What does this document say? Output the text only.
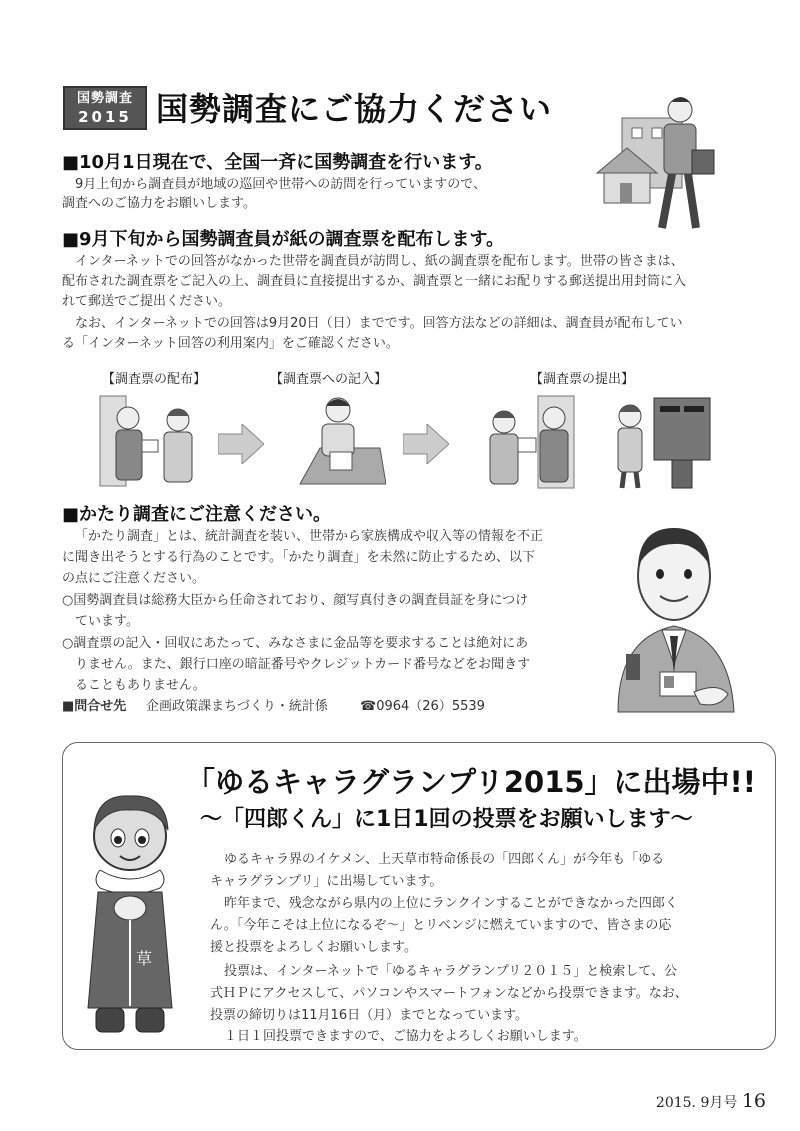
国勢調査
2015 国勢調査にご協力ください
■10月1日現在で、全国一斉に国勢調査を行います。
9月上旬から調査員が地域の巡回や世帯への訪問を行っていますので、
調査へのご協力をお願いします。
■9月下旬から国勢調査員が紙の調査票を配布します。
インターネットでの回答がなかった世帯を調査員が訪問し、紙の調査票を配布します。世帯の皆さまは、
配布された調査票をご記入の上、調査員に直接提出するか、調査票と一緒にお配りする郵送提出用封筒に入
れて郵送でご提出ください。
なお、インターネットでの回答は9月20日（日）までです。回答方法などの詳細は、調査員が配布してい
る「インターネット回答の利用案内」をご確認ください。
【調査票の配布】	【調査票への記入】	【調査票の提出】
■かたり調査にご注意ください。
「かたり調査」とは、統計調査を装い、世帯から家族構成や収入等の情報を不正
に聞き出そうとする行為のことです。「かたり調査」を未然に防止するため、以下
の点にご注意ください。
○国勢調査員は総務大臣から任命されており、顔写真付きの調査員証を身につけ
ています。
○調査票の記入・回収にあたって、みなさまに金品等を要求することは絶対にあ
りません。また、銀行口座の暗証番号やクレジットカード番号などをお聞きす
ることもありません。
■問合せ先 企画政策課まちづくり・統計係 ☎0964（26）5539
「ゆるキャラグランプリ2015」に出場中!!
～「四郎くん」に1日1回の投票をお願いします～
草
ゆるキャラ界のイケメン、上天草市特命係長の「四郎くん」が今年も「ゆる
キャラグランプリ」に出場しています。
昨年まで、残念ながら県内の上位にランクインすることができなかった四郎く
ん。「今年こそは上位になるぞ～」とリベンジに燃えていますので、皆さまの応
援と投票をよろしくお願いします。
投票は、インターネットで「ゆるキャラグランプリ２０１５」と検索して、公
式ＨＰにアクセスして、パソコンやスマートフォンなどから投票できます。なお、
投票の締切りは11月16日（月）までとなっています。
１日１回投票できますので、ご協力をよろしくお願いします。
2015. 9月号 16
